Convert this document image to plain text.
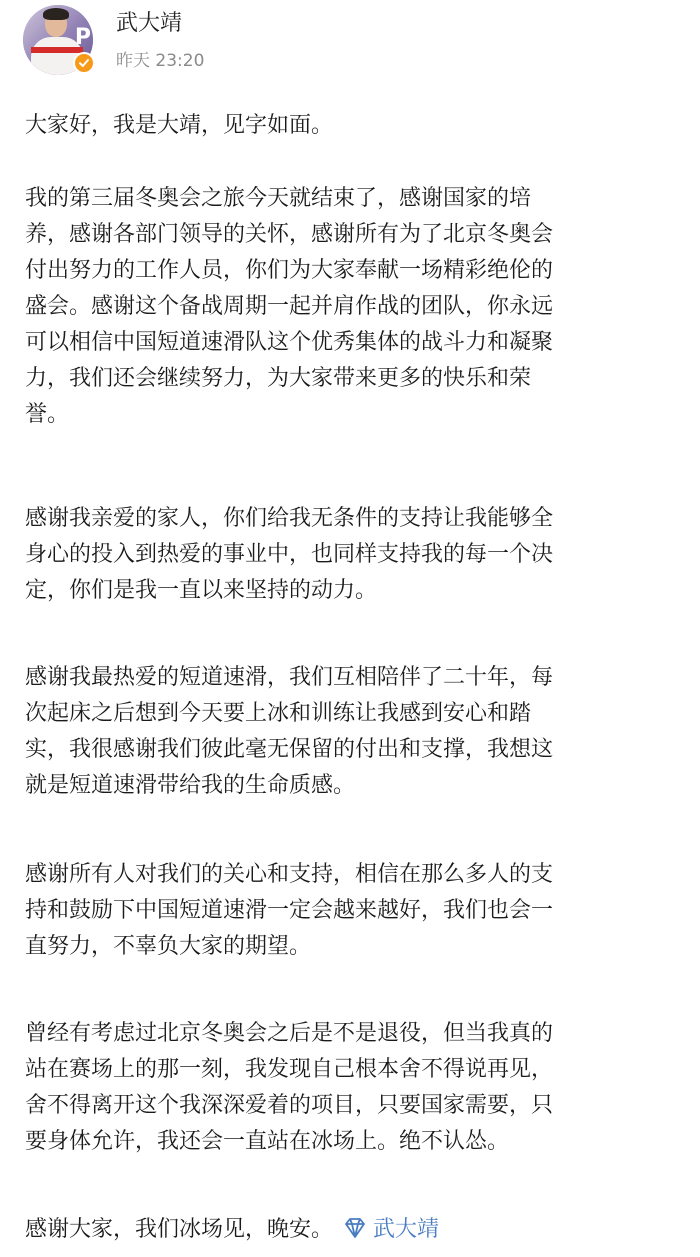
P
武大靖
昨天 23:20

大家好，我是大靖，见字如面。

我的第三届冬奥会之旅今天就结束了，感谢国家的培
养，感谢各部门领导的关怀，感谢所有为了北京冬奥会
付出努力的工作人员，你们为大家奉献一场精彩绝伦的
盛会。感谢这个备战周期一起并肩作战的团队，你永远
可以相信中国短道速滑队这个优秀集体的战斗力和凝聚
力，我们还会继续努力，为大家带来更多的快乐和荣
誉。

感谢我亲爱的家人，你们给我无条件的支持让我能够全
身心的投入到热爱的事业中，也同样支持我的每一个决
定，你们是我一直以来坚持的动力。

感谢我最热爱的短道速滑，我们互相陪伴了二十年，每
次起床之后想到今天要上冰和训练让我感到安心和踏
实，我很感谢我们彼此毫无保留的付出和支撑，我想这
就是短道速滑带给我的生命质感。

感谢所有人对我们的关心和支持，相信在那么多人的支
持和鼓励下中国短道速滑一定会越来越好，我们也会一
直努力，不辜负大家的期望。

曾经有考虑过北京冬奥会之后是不是退役，但当我真的
站在赛场上的那一刻，我发现自己根本舍不得说再见，
舍不得离开这个我深深爱着的项目，只要国家需要，只
要身体允许，我还会一直站在冰场上。绝不认怂。

感谢大家，我们冰场见，晚安。 武大靖
